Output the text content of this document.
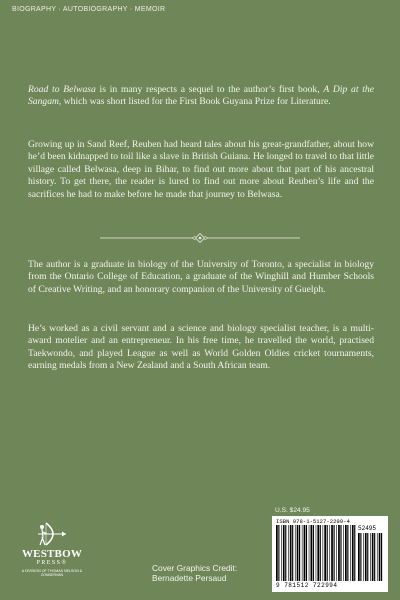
BIOGRAPHY · AUTOBIOGRAPHY · MEMOIR

Road to Belwasa is in many respects a sequel to the author’s first book, A Dip at the Sangam, which was short listed for the First Book Guyana Prize for Literature.

Growing up in Sand Reef, Reuben had heard tales about his great-grandfather, about how he’d been kidnapped to toil like a slave in British Guiana. He longed to travel to that little village called Belwasa, deep in Bihar, to find out more about that part of his ancestral history. To get there, the reader is lured to find out more about Reuben’s life and the sacrifices he had to make before he made that journey to Belwasa.

The author is a graduate in biology of the University of Toronto, a specialist in biology from the Ontario College of Education, a graduate of the Winghill and Humber Schools of Creative Writing, and an honorary companion of the University of Guelph.

He’s worked as a civil servant and a science and biology specialist teacher, is a multi-award motelier and an entrepreneur. In his free time, he travelled the world, practised Taekwondo, and played League as well as World Golden Oldies cricket tournaments, earning medals from a New Zealand and a South African team.

WESTBOW
PRESS®
A DIVISION OF THOMAS NELSON & ZONDERVAN
Cover Graphics Credit:
Bernadette Persaud
U.S. $24.95
ISBN 978-1-5127-2299-4
52495
9 781512 722994
